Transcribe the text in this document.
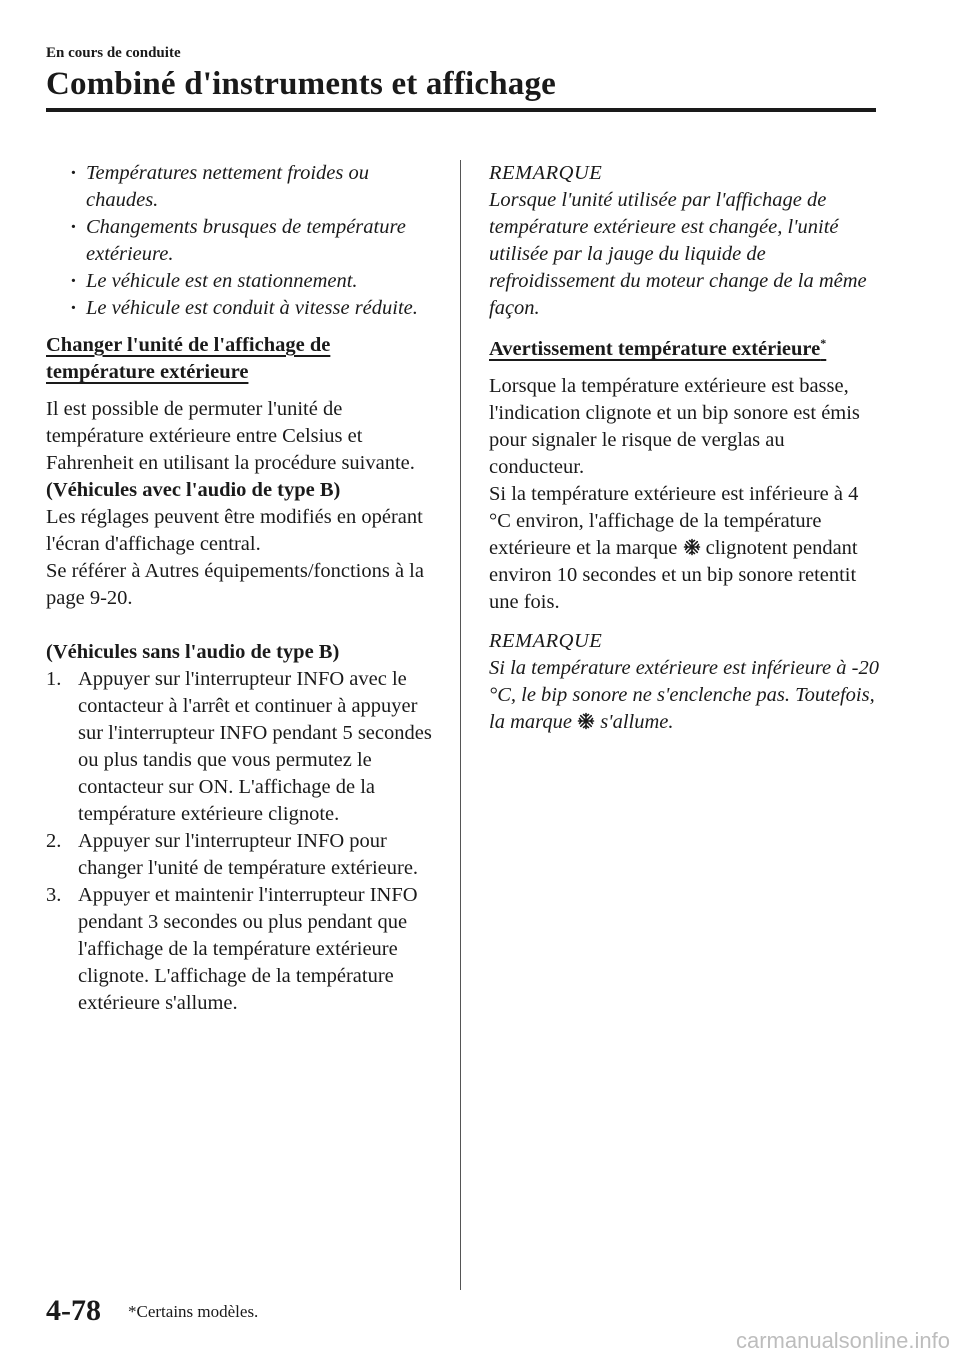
En cours de conduite
Combiné d'instruments et affichage
· Températures nettement froides ou chaudes.
· Changements brusques de température extérieure.
· Le véhicule est en stationnement.
· Le véhicule est conduit à vitesse réduite.
Changer l'unité de l'affichage de température extérieure

Il est possible de permuter l'unité de température extérieure entre Celsius et Fahrenheit en utilisant la procédure suivante.

(Véhicules avec l'audio de type B)

Les réglages peuvent être modifiés en opérant l'écran d'affichage central.

Se référer à Autres équipements/fonctions à la page 9-20.

(Véhicules sans l'audio de type B)

1. Appuyer sur l'interrupteur INFO avec le contacteur à l'arrêt et continuer à appuyer sur l'interrupteur INFO pendant 5 secondes ou plus tandis que vous permutez le contacteur sur ON. L'affichage de la température extérieure clignote.
2. Appuyer sur l'interrupteur INFO pour changer l'unité de température extérieure.
3. Appuyer et maintenir l'interrupteur INFO pendant 3 secondes ou plus pendant que l'affichage de la température extérieure clignote. L'affichage de la température extérieure s'allume.

REMARQUE

Lorsque l'unité utilisée par l'affichage de température extérieure est changée, l'unité utilisée par la jauge du liquide de refroidissement du moteur change de la même façon.

Avertissement température extérieure*

Lorsque la température extérieure est basse, l'indication clignote et un bip sonore est émis pour signaler le risque de verglas au conducteur.

Si la température extérieure est inférieure à 4 °C environ, l'affichage de la température extérieure et la marque clignotent pendant environ 10 secondes et un bip sonore retentit une fois.

REMARQUE

Si la température extérieure est inférieure à -20 °C, le bip sonore ne s'enclenche pas. Toutefois, la marque s'allume.

4-78 *Certains modèles.
carmanualsonline.info
